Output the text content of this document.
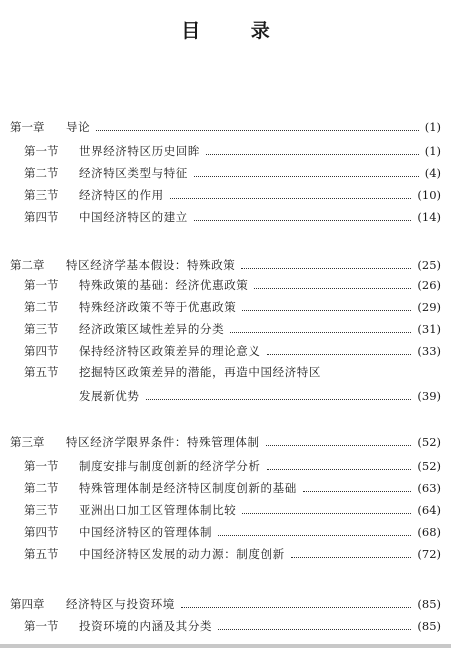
目 录
第一章 导论	(1)
第一节 世界经济特区历史回眸	(1)
第二节 经济特区类型与特征	(4)
第三节 经济特区的作用	(10)
第四节 中国经济特区的建立	(14)
第二章 特区经济学基本假设：特殊政策	(25)
第一节 特殊政策的基础：经济优惠政策	(26)
第二节 特殊经济政策不等于优惠政策	(29)
第三节 经济政策区域性差异的分类	(31)
第四节 保持经济特区政策差异的理论意义	(33)
第五节 挖掘特区政策差异的潜能，再造中国经济特区
发展新优势	(39)
第三章 特区经济学限界条件：特殊管理体制	(52)
第一节 制度安排与制度创新的经济学分析	(52)
第二节 特殊管理体制是经济特区制度创新的基础	(63)
第三节 亚洲出口加工区管理体制比较	(64)
第四节 中国经济特区的管理体制	(68)
第五节 中国经济特区发展的动力源：制度创新	(72)
第四章 经济特区与投资环境	(85)
第一节 投资环境的内涵及其分类	(85)
